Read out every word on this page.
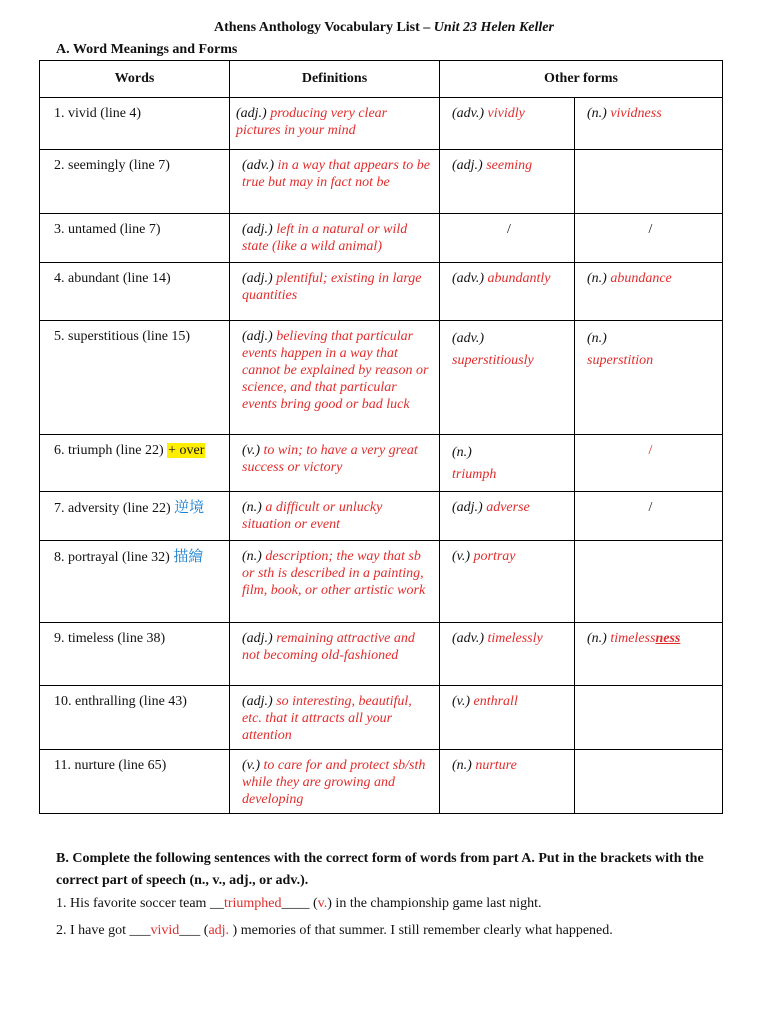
Athens Anthology Vocabulary List – Unit 23 Helen Keller
A. Word Meanings and Forms
Words	Definitions	Other forms	

1. vivid (line 4)	(adj.) producing very clear pictures in your mind	(adv.) vividly	(n.) vividness

2. seemingly (line 7)	(adv.) in a way that appears to be true but may in fact not be	(adj.) seeming	

3. untamed (line 7)	(adj.) left in a natural or wild state (like a wild animal)	/	/

4. abundant (line 14)	(adj.) plentiful; existing in large quantities	(adv.) abundantly	(n.) abundance

5. superstitious (line 15)	(adj.) believing that particular events happen in a way that cannot be explained by reason or science, and that particular events bring good or bad luck	(adv.)
superstitiously	(n.)
superstition

6. triumph (line 22) + over	(v.) to win; to have a very great success or victory	(n.)
triumph	/

7. adversity (line 22) 逆境	(n.) a difficult or unlucky situation or event	(adj.) adverse	/

8. portrayal (line 32) 描繪	(n.) description; the way that sb or sth is described in a painting, film, book, or other artistic work	(v.) portray	

9. timeless (line 38)	(adj.) remaining attractive and not becoming old-fashioned	(adv.) timelessly	(n.) timelessness

10. enthralling (line 43)	(adj.) so interesting, beautiful, etc. that it attracts all your attention	(v.) enthrall	

11. nurture (line 65)	(v.) to care for and protect sb/sth while they are growing and developing	(n.) nurture	

B. Complete the following sentences with the correct form of words from part A. Put in the brackets with the correct part of speech (n., v., adj., or adv.).
1. His favorite soccer team __triumphed____ (v.) in the championship game last night.
2. I have got ___vivid___ (adj. ) memories of that summer. I still remember clearly what happened.
